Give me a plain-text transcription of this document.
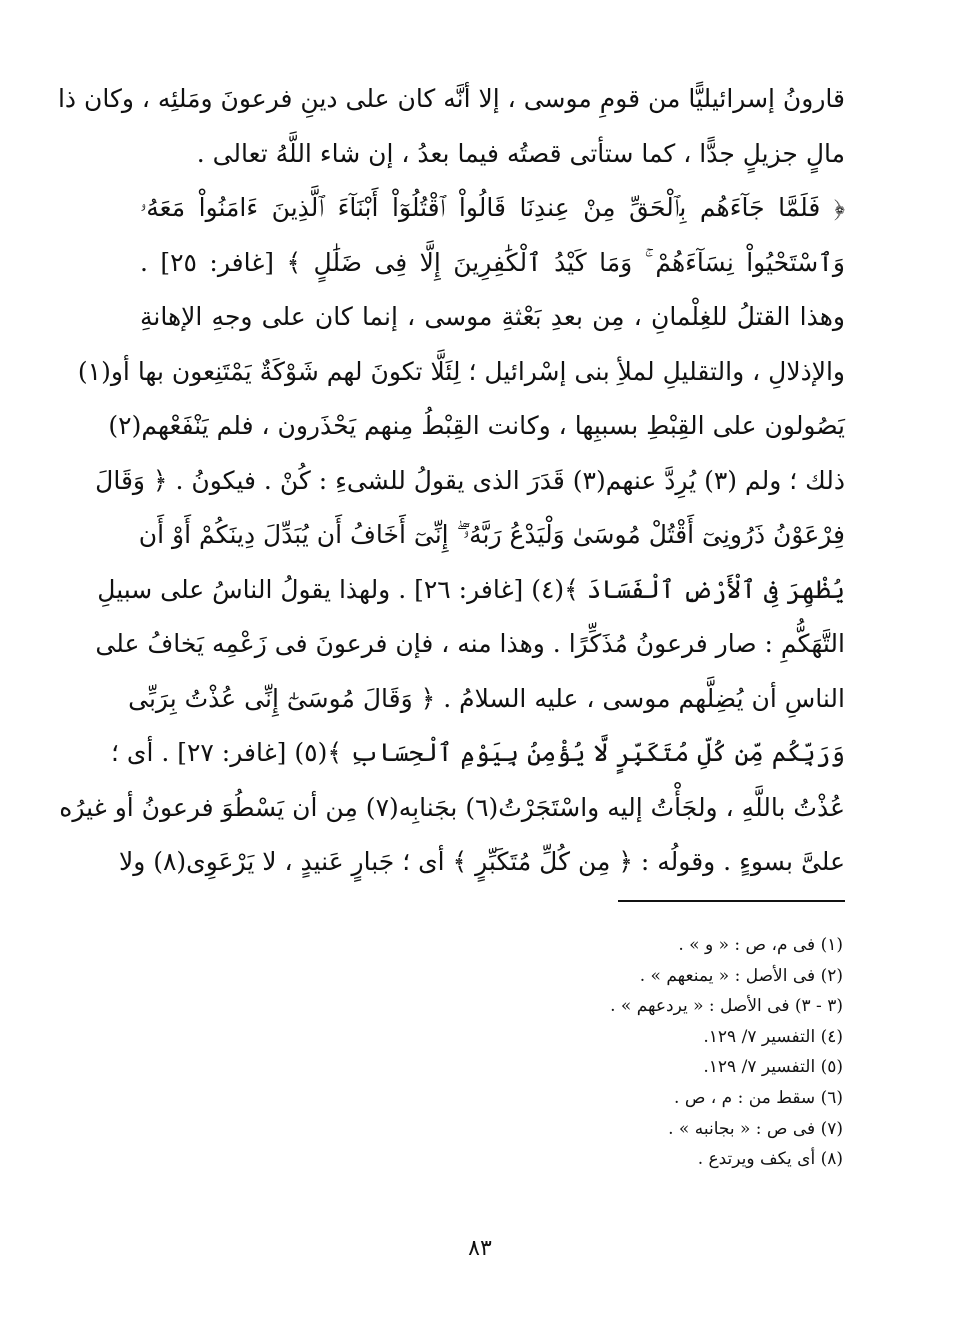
قارونُ إسرائيليًّا من قومِ موسى ، إلا أنَّه كان على دينِ فرعونَ ومَلئِه ، وكان ذا
مالٍ جزيلٍ جدًّا ، كما ستأتى قصتُه فيما بعدُ ، إن شاء اللَّهُ تعالى .
﴿ فَلَمَّا جَآءَهُم بِٱلْحَقِّ مِنْ عِندِنَا قَالُواْ ٱقْتُلُوٓاْ أَبْنَآءَ ٱلَّذِينَ ءَامَنُواْ مَعَهُۥ
وَٱسْتَحْيُواْ نِسَآءَهُمْ ۚ وَمَا كَيْدُ ٱلْكَٰفِرِينَ إِلَّا فِى ضَلَٰلٍ ﴾ [غافر: ٢٥] .
وهذا القتلُ للغِلْمانِ ، مِن بعدِ بَعْثةِ موسى ، إنما كان على وجهِ الإهانةِ
والإذلالِ ، والتقليلِ لملأِ بنى إسْرائيل ؛ لِئَلَّا تكونَ لهم شَوْكَةٌ يَمْتَنِعون بها أو(١)
يَصُولون على القِبْطِ بسببِها ، وكانت القِبْطُ مِنهم يَحْذَرون ، فلم يَنْفَعْهم(٢)
ذلك ؛ ولم (٣) يُرِدَّ عنهم(٣) قَدَرَ الذى يقولُ للشىءِ : كُنْ . فيكونُ . ﴿ وَقَالَ
فِرْعَوْنُ ذَرُونِىٓ أَقْتُلْ مُوسَىٰ وَلْيَدْعُ رَبَّهُۥٓ ۖ إِنِّىٓ أَخَافُ أَن يُبَدِّلَ دِينَكُمْ أَوْ أَن
يُظْهِرَ فِى ٱلْأَرْضِ ٱلْفَسَادَ ﴾(٤) [غافر: ٢٦] . ولهذا يقولُ الناسُ على سبيلِ
التَّهَكُّمِ : صار فرعونُ مُذَكِّرًا . وهذا منه ، فإن فرعونَ فى زَعْمِه يَخافُ على
الناسِ أن يُضِلَّهم موسى ، عليه السلامُ . ﴿ وَقَالَ مُوسَىٰٓ إِنِّى عُذْتُ بِرَبِّى
وَرَبِّكُم مِّن كُلِّ مُتَكَبِّرٍ لَّا يُؤْمِنُ بِيَوْمِ ٱلْحِسَابِ ﴾(٥) [غافر: ٢٧] . أى ؛
عُذْتُ باللَّهِ ، ولجَأْتُ إليه واسْتَجَرْتُ(٦) بجَنابِه(٧) مِن أن يَسْطُوَ فرعونُ أو غيرُه
علىَّ بسوءٍ . وقولُه : ﴿ مِن كُلِّ مُتَكَبِّرٍ ﴾ أى ؛ جَبارٍ عَنيدٍ ، لا يَرْعَوِى(٨) ولا
(١) فى م، ص : « و » .
(٢) فى الأصل : « يمنعهم » .
(٣ - ٣) فى الأصل : « يردعهم » .
(٤) التفسير ٧/ ١٢٩.
(٥) التفسير ٧/ ١٢٩.
(٦) سقط من : م ، ص .
(٧) فى ص : « بجانبه » .
(٨) أى يكف ويرتدع .
٨٣
